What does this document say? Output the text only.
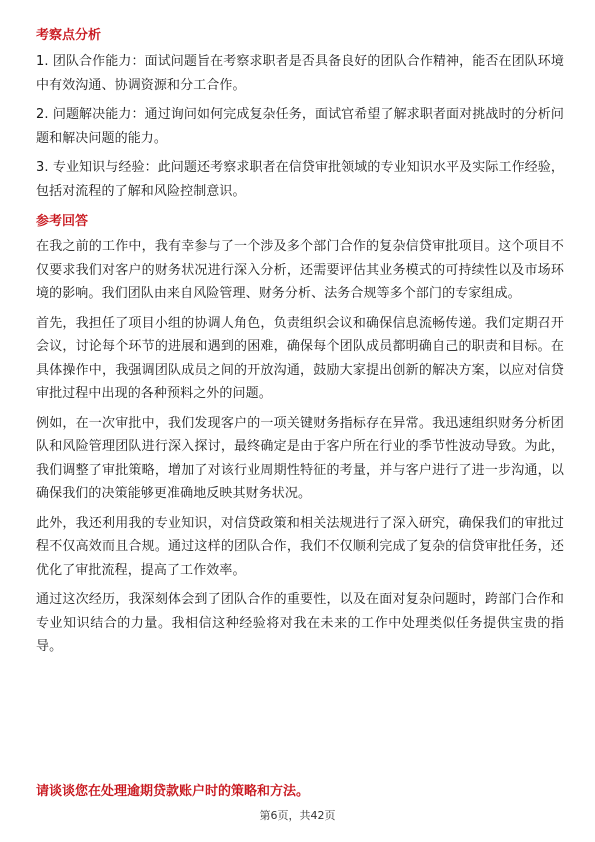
考察点分析

1. 团队合作能力：面试问题旨在考察求职者是否具备良好的团队合作精神，能否在团队环境中有效沟通、协调资源和分工合作。

2. 问题解决能力：通过询问如何完成复杂任务，面试官希望了解求职者面对挑战时的分析问题和解决问题的能力。

3. 专业知识与经验：此问题还考察求职者在信贷审批领域的专业知识水平及实际工作经验，包括对流程的了解和风险控制意识。

参考回答

在我之前的工作中，我有幸参与了一个涉及多个部门合作的复杂信贷审批项目。这个项目不仅要求我们对客户的财务状况进行深入分析，还需要评估其业务模式的可持续性以及市场环境的影响。我们团队由来自风险管理、财务分析、法务合规等多个部门的专家组成。

首先，我担任了项目小组的协调人角色，负责组织会议和确保信息流畅传递。我们定期召开会议，讨论每个环节的进展和遇到的困难，确保每个团队成员都明确自己的职责和目标。在具体操作中，我强调团队成员之间的开放沟通，鼓励大家提出创新的解决方案，以应对信贷审批过程中出现的各种预料之外的问题。

例如，在一次审批中，我们发现客户的一项关键财务指标存在异常。我迅速组织财务分析团队和风险管理团队进行深入探讨，最终确定是由于客户所在行业的季节性波动导致。为此，我们调整了审批策略，增加了对该行业周期性特征的考量，并与客户进行了进一步沟通，以确保我们的决策能够更准确地反映其财务状况。

此外，我还利用我的专业知识，对信贷政策和相关法规进行了深入研究，确保我们的审批过程不仅高效而且合规。通过这样的团队合作，我们不仅顺利完成了复杂的信贷审批任务，还优化了审批流程，提高了工作效率。

通过这次经历，我深刻体会到了团队合作的重要性，以及在面对复杂问题时，跨部门合作和专业知识结合的力量。我相信这种经验将对我在未来的工作中处理类似任务提供宝贵的指导。

请谈谈您在处理逾期贷款账户时的策略和方法。

第6页，共42页
